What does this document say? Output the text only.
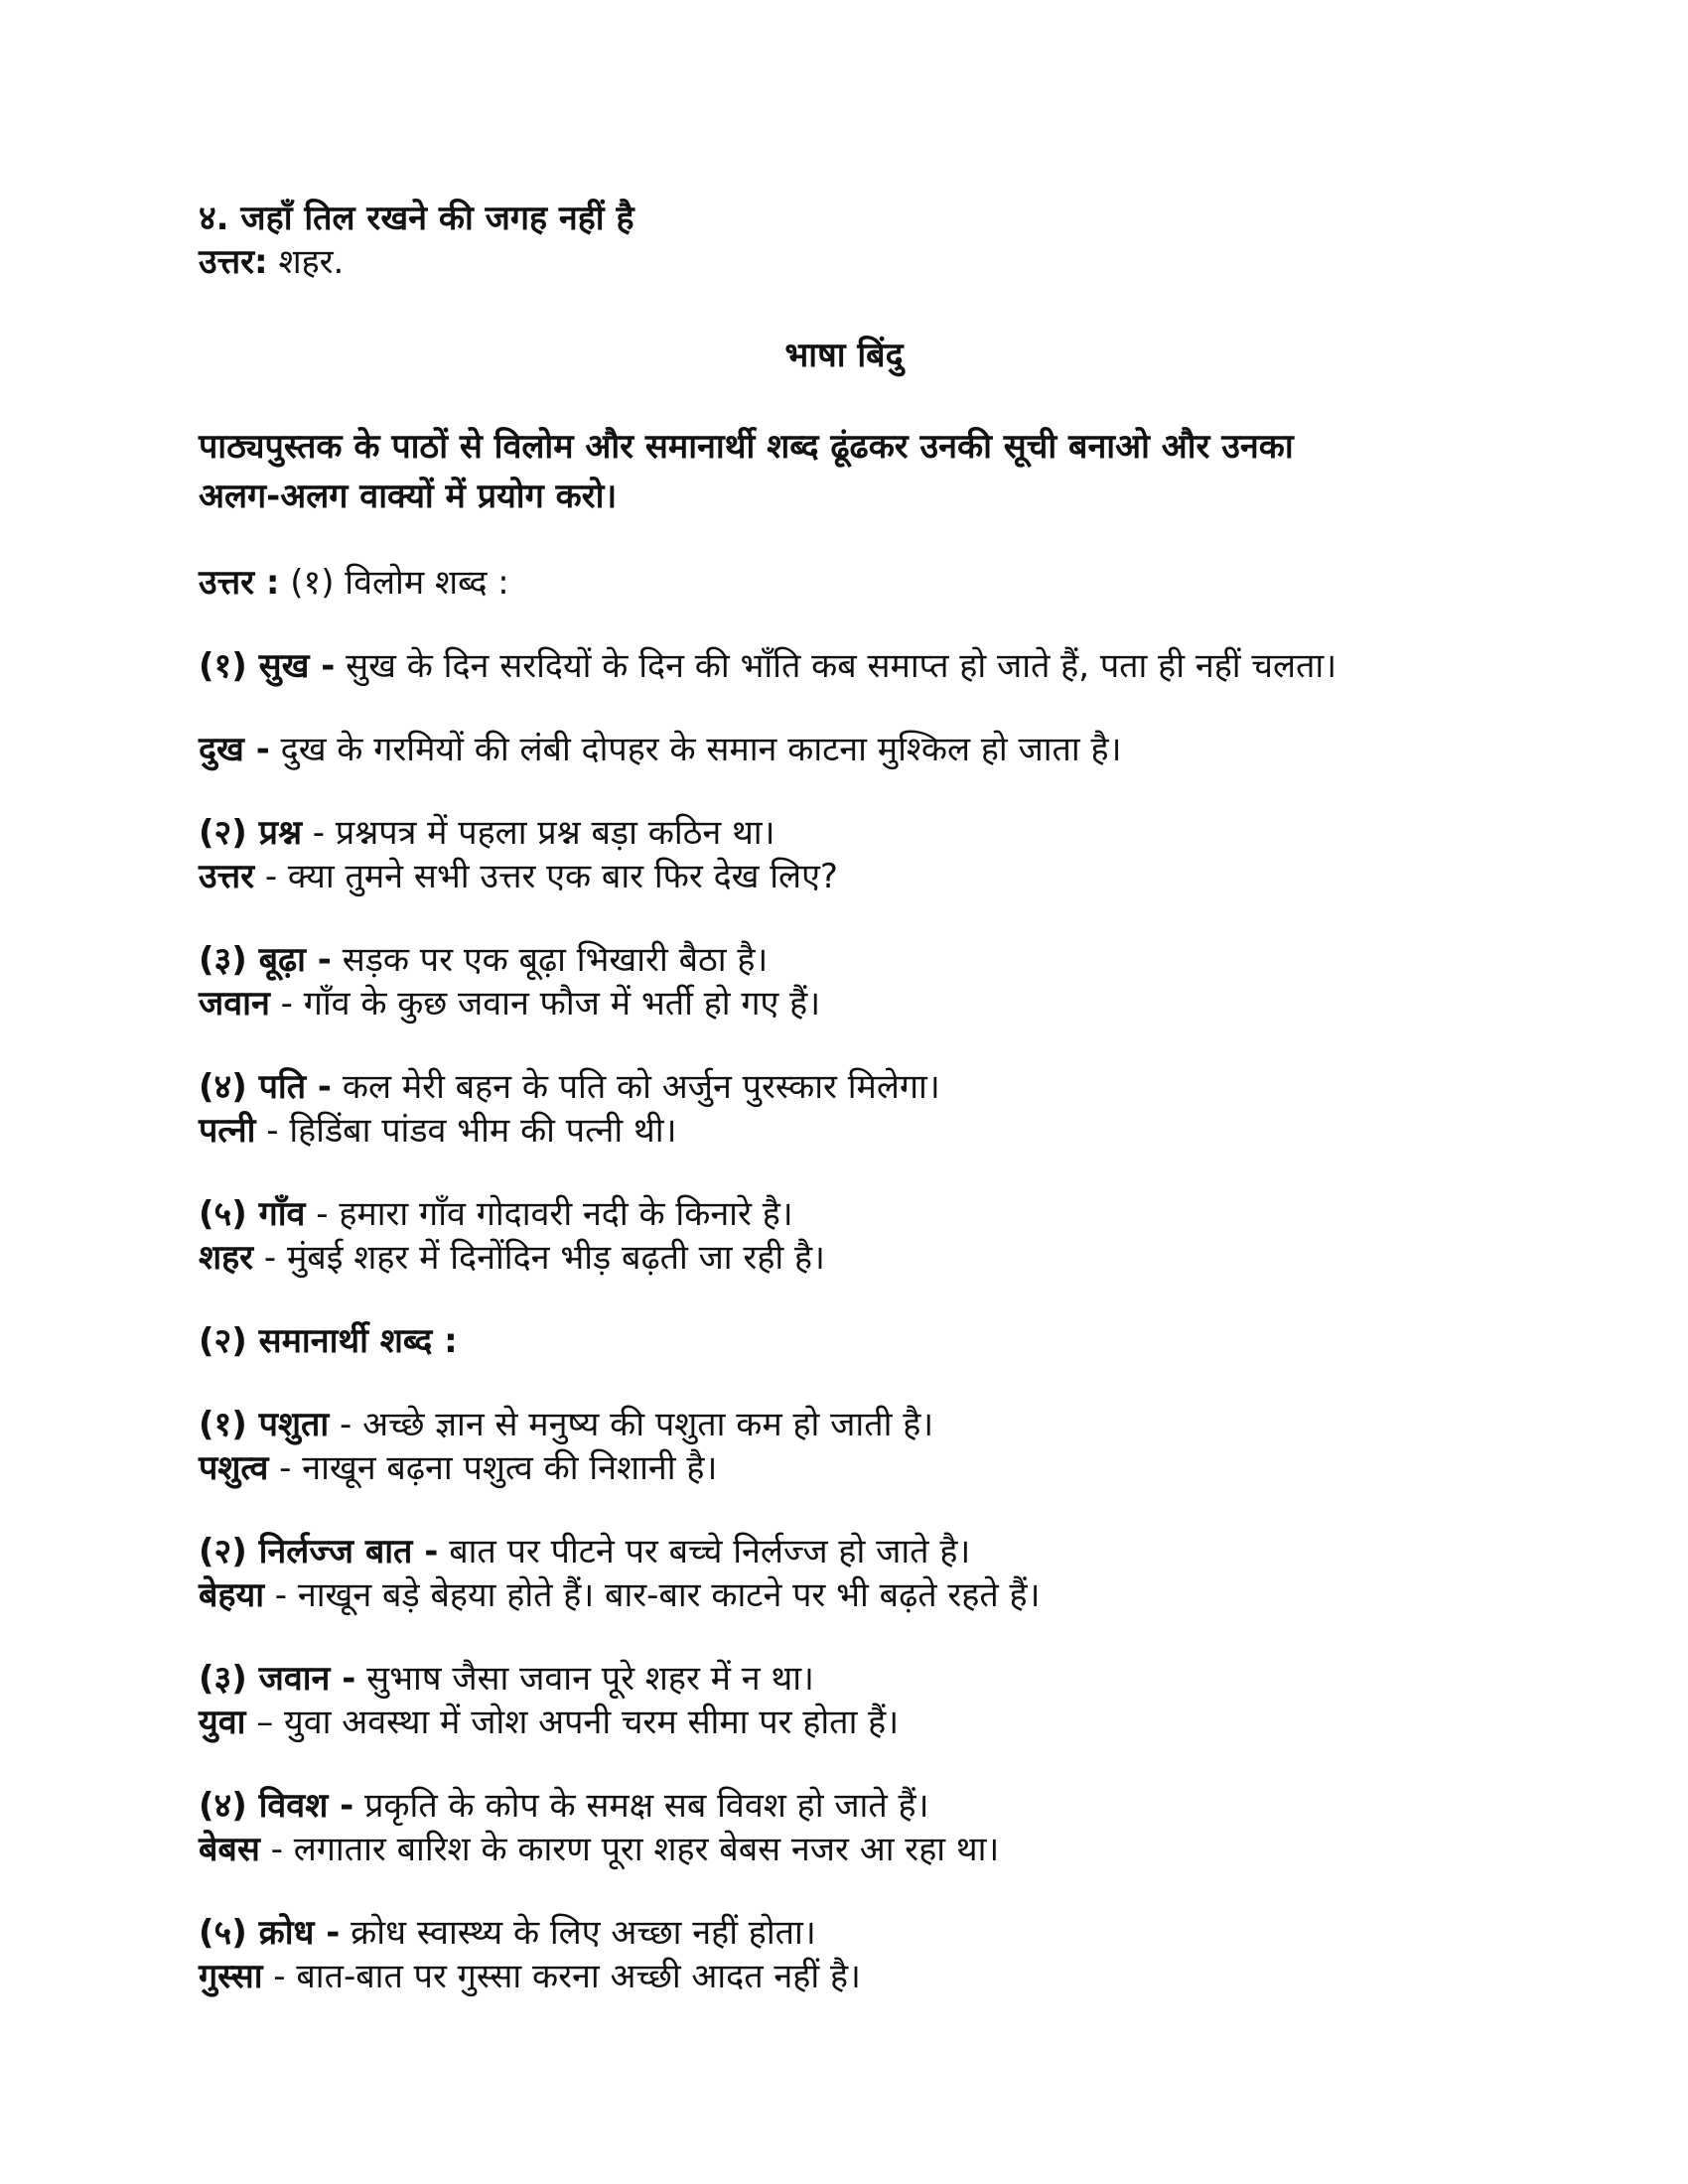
४. जहाँ तिल रखने की जगह नहीं है
उत्तर: शहर.
भाषा बिंदु
पाठ्यपुस्तक के पाठों से विलोम और समानार्थी शब्द ढूंढकर उनकी सूची बनाओ और उनका
अलग-अलग वाक्यों में प्रयोग करो।
उत्तर : (१) विलोम शब्द :
(१) सुख - सुख के दिन सरदियों के दिन की भाँति कब समाप्त हो जाते हैं, पता ही नहीं चलता।
दुख - दुख के गरमियों की लंबी दोपहर के समान काटना मुश्किल हो जाता है।
(२) प्रश्न - प्रश्नपत्र में पहला प्रश्न बड़ा कठिन था।
उत्तर - क्या तुमने सभी उत्तर एक बार फिर देख लिए?
(३) बूढ़ा - सड़क पर एक बूढ़ा भिखारी बैठा है।
जवान - गाँव के कुछ जवान फौज में भर्ती हो गए हैं।
(४) पति - कल मेरी बहन के पति को अर्जुन पुरस्कार मिलेगा।
पत्नी - हिडिंबा पांडव भीम की पत्नी थी।
(५) गाँव - हमारा गाँव गोदावरी नदी के किनारे है।
शहर - मुंबई शहर में दिनोंदिन भीड़ बढ़ती जा रही है।
(२) समानार्थी शब्द :
(१) पशुता - अच्छे ज्ञान से मनुष्य की पशुता कम हो जाती है।
पशुत्व - नाखून बढ़ना पशुत्व की निशानी है।
(२) निर्लज्ज बात - बात पर पीटने पर बच्चे निर्लज्ज हो जाते है।
बेहया - नाखून बड़े बेहया होते हैं। बार-बार काटने पर भी बढ़ते रहते हैं।
(३) जवान - सुभाष जैसा जवान पूरे शहर में न था।
युवा – युवा अवस्था में जोश अपनी चरम सीमा पर होता हैं।
(४) विवश - प्रकृति के कोप के समक्ष सब विवश हो जाते हैं।
बेबस - लगातार बारिश के कारण पूरा शहर बेबस नजर आ रहा था।
(५) क्रोध - क्रोध स्वास्थ्य के लिए अच्छा नहीं होता।
गुस्सा - बात-बात पर गुस्सा करना अच्छी आदत नहीं है।
